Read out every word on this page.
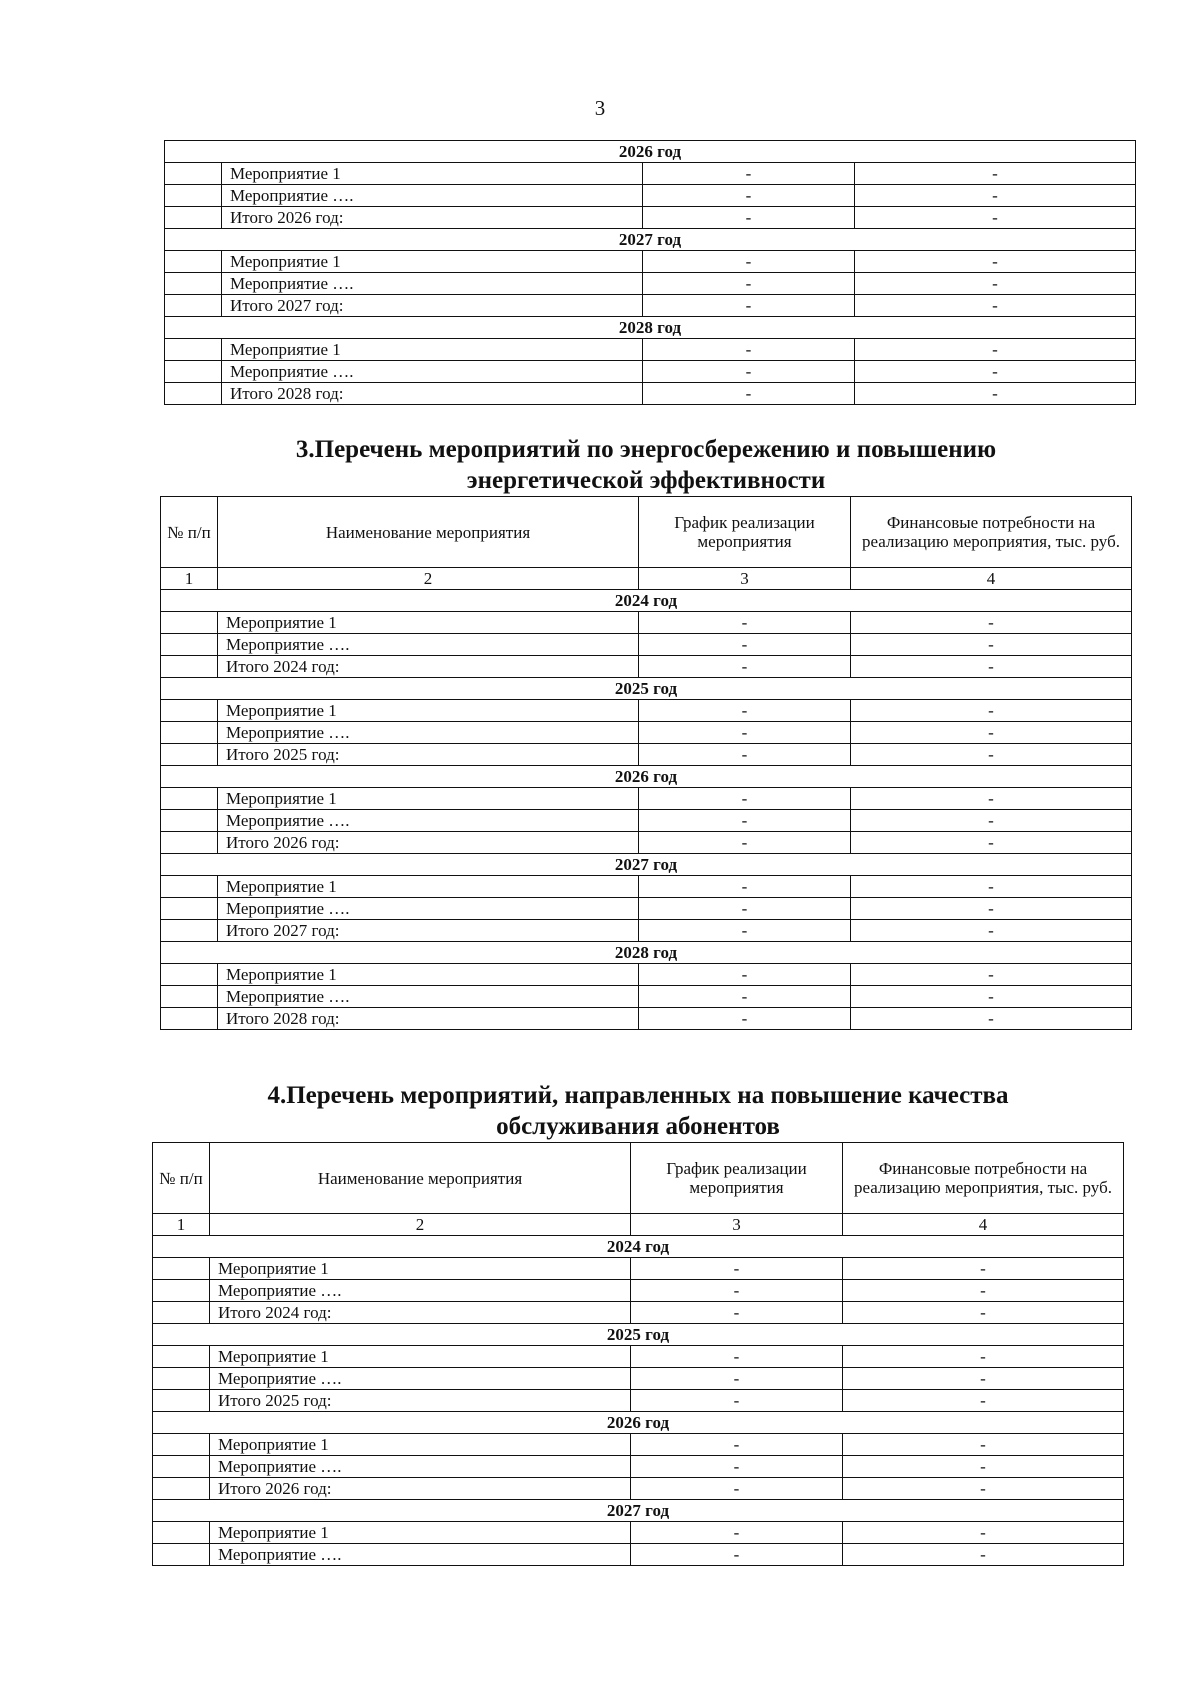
3
2026 год			
	Мероприятие 1	-	-
	Мероприятие ….	-	-
	Итого 2026 год:	-	-
2027 год			
	Мероприятие 1	-	-
	Мероприятие ….	-	-
	Итого 2027 год:	-	-
2028 год			
	Мероприятие 1	-	-
	Мероприятие ….	-	-
	Итого 2028 год:	-	-
3.Перечень мероприятий по энергосбережению и повышению
энергетической эффективности
№ п/п	Наименование мероприятия	График реализации мероприятия	Финансовые потребности на реализацию мероприятия, тыс. руб.
1	2	3	4
2024 год			
	Мероприятие 1	-	-
	Мероприятие ….	-	-
	Итого 2024 год:	-	-
2025 год			
	Мероприятие 1	-	-
	Мероприятие ….	-	-
	Итого 2025 год:	-	-
2026 год			
	Мероприятие 1	-	-
	Мероприятие ….	-	-
	Итого 2026 год:	-	-
2027 год			
	Мероприятие 1	-	-
	Мероприятие ….	-	-
	Итого 2027 год:	-	-
2028 год			
	Мероприятие 1	-	-
	Мероприятие ….	-	-
	Итого 2028 год:	-	-
4.Перечень мероприятий, направленных на повышение качества
обслуживания абонентов
№ п/п	Наименование мероприятия	График реализации мероприятия	Финансовые потребности на реализацию мероприятия, тыс. руб.
1	2	3	4
2024 год			
	Мероприятие 1	-	-
	Мероприятие ….	-	-
	Итого 2024 год:	-	-
2025 год			
	Мероприятие 1	-	-
	Мероприятие ….	-	-
	Итого 2025 год:	-	-
2026 год			
	Мероприятие 1	-	-
	Мероприятие ….	-	-
	Итого 2026 год:	-	-
2027 год			
	Мероприятие 1	-	-
	Мероприятие ….	-	-
